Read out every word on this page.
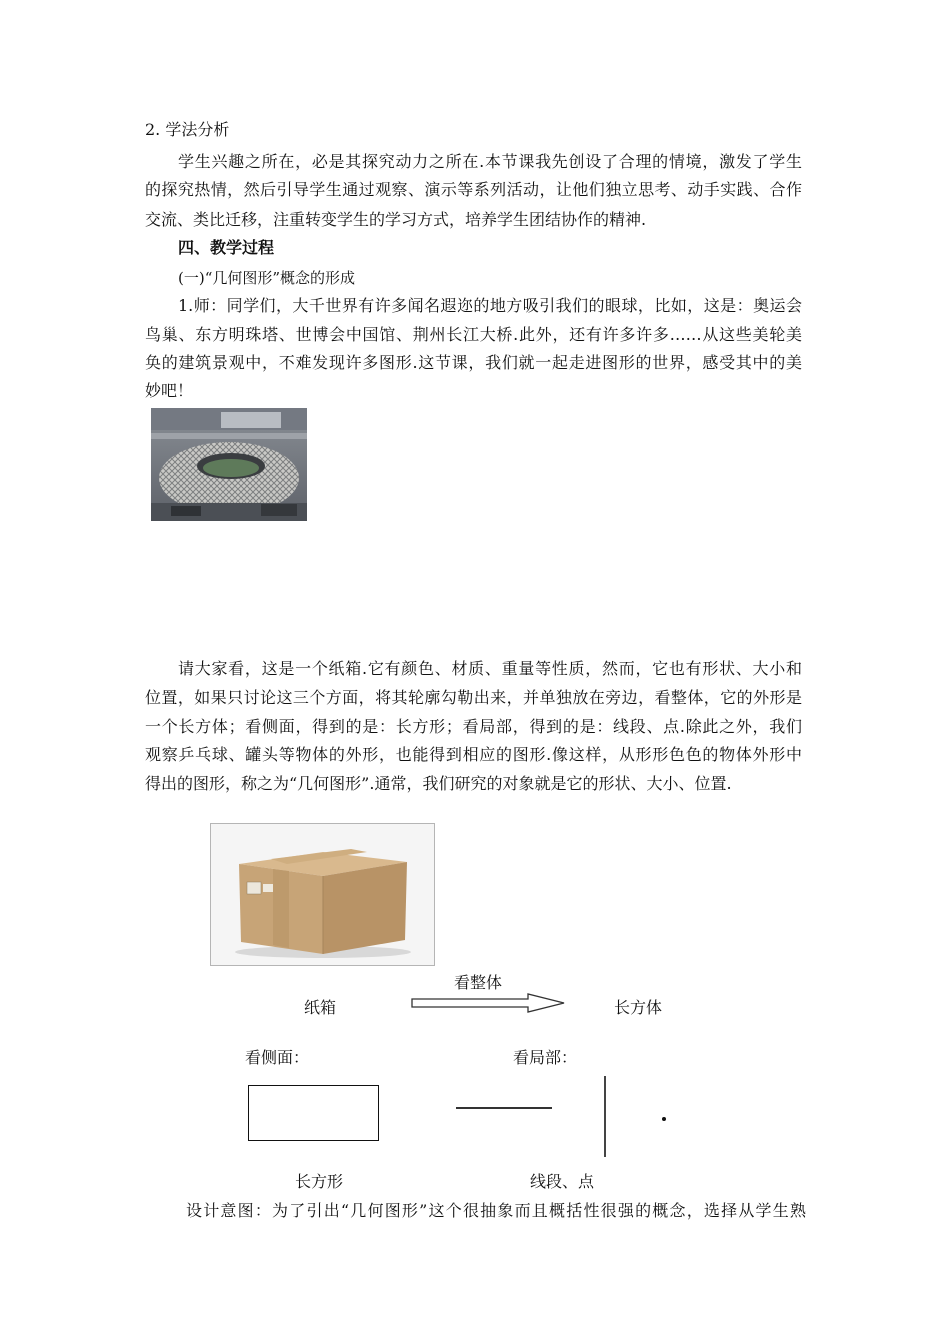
2. 学法分析
学生兴趣之所在，必是其探究动力之所在.本节课我先创设了合理的情境，激发了学生
的探究热情，然后引导学生通过观察、演示等系列活动，让他们独立思考、动手实践、合作
交流、类比迁移，注重转变学生的学习方式，培养学生团结协作的精神.
四、教学过程
(一)“几何图形”概念的形成
1.师：同学们，大千世界有许多闻名遐迩的地方吸引我们的眼球，比如，这是：奥运会
鸟巢、东方明珠塔、世博会中国馆、荆州长江大桥.此外，还有许多许多……从这些美轮美
奂的建筑景观中，不难发现许多图形.这节课，我们就一起走进图形的世界，感受其中的美
妙吧！
请大家看，这是一个纸箱.它有颜色、材质、重量等性质，然而，它也有形状、大小和
位置，如果只讨论这三个方面，将其轮廓勾勒出来，并单独放在旁边，看整体，它的外形是
一个长方体；看侧面，得到的是：长方形；看局部，得到的是：线段、点.除此之外，我们
观察乒乓球、罐头等物体的外形，也能得到相应的图形.像这样，从形形色色的物体外形中
得出的图形，称之为“几何图形”.通常，我们研究的对象就是它的形状、大小、位置.
看整体
纸箱	长方体
看侧面：	看局部：
长方形	线段、点
设计意图：为了引出“几何图形”这个很抽象而且概括性很强的概念，选择从学生熟
